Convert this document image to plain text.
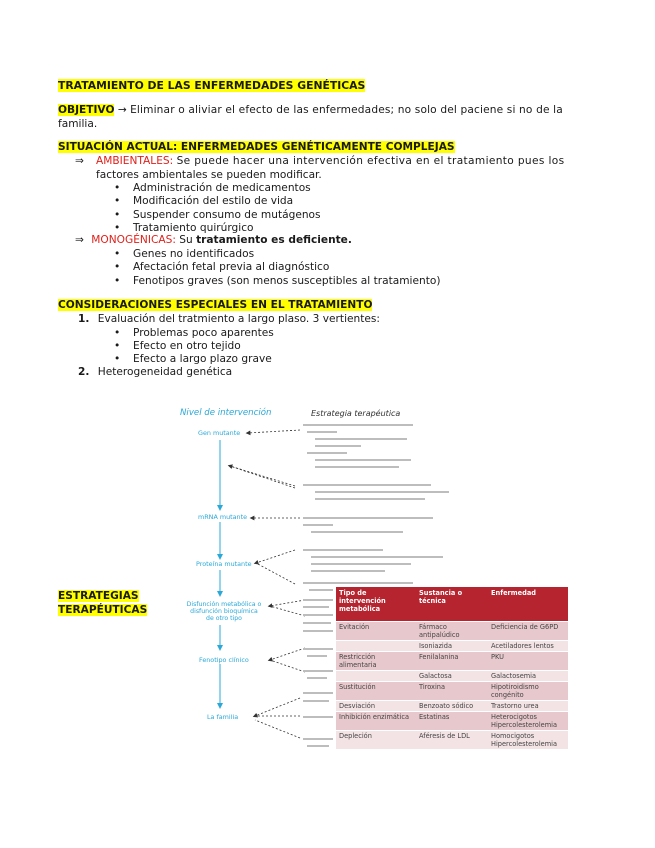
TRATAMIENTO DE LAS ENFERMEDADES GENÉTICAS
OBJETIVO → Eliminar o aliviar el efecto de las enfermedades; no solo del paciene si no de la
familia.
SITUACIÓN ACTUAL: ENFERMEDADES GENÉTICAMENTE COMPLEJAS
⇒	AMBIENTALES: Se puede hacer una intervención efectiva en el tratamiento pues los
factores ambientales se pueden modificar.
• Administración de medicamentos
• Modificación del estilo de vida
• Suspender consumo de mutágenos
• Tratamiento quirúrgico
⇒ MONOGÉNICAS: Su tratamiento es deficiente.
• Genes no identificados
• Afectación fetal previa al diagnóstico
• Fenotipos graves (son menos susceptibles al tratamiento)
CONSIDERACIONES ESPECIALES EN EL TRATAMIENTO
1. Evaluación del tratmiento a largo plaso. 3 vertientes:
• Problemas poco aparentes
• Efecto en otro tejido
• Efecto a largo plazo grave
2. Heterogeneidad genética
ESTRATEGIAS
TERAPÉUTICAS
Nivel de intervención	Estrategia terapéutica
Gen mutante
mRNA mutante
Proteína mutante
Disfunción metabólica o disfunción bioquímica de otro tipo
Fenotipo clínico
La familia
Tipo de intervención metabólica	Sustancia o técnica	Enfermedad
Evitación	Fármaco antipalúdico	Deficiencia de G6PD
	Isoniazida	Acetiladores lentos
Restricción alimentaria	Fenilalanina	PKU
	Galactosa	Galactosemia
Sustitución	Tiroxina	Hipotiroidismo congénito
Desviación	Benzoato sódico	Trastorno urea
Inhibición enzimática	Estatinas	Heterocigotos Hipercolesterolemia
Depleción	Aféresis de LDL	Homocigotos Hipercolesterolemia
